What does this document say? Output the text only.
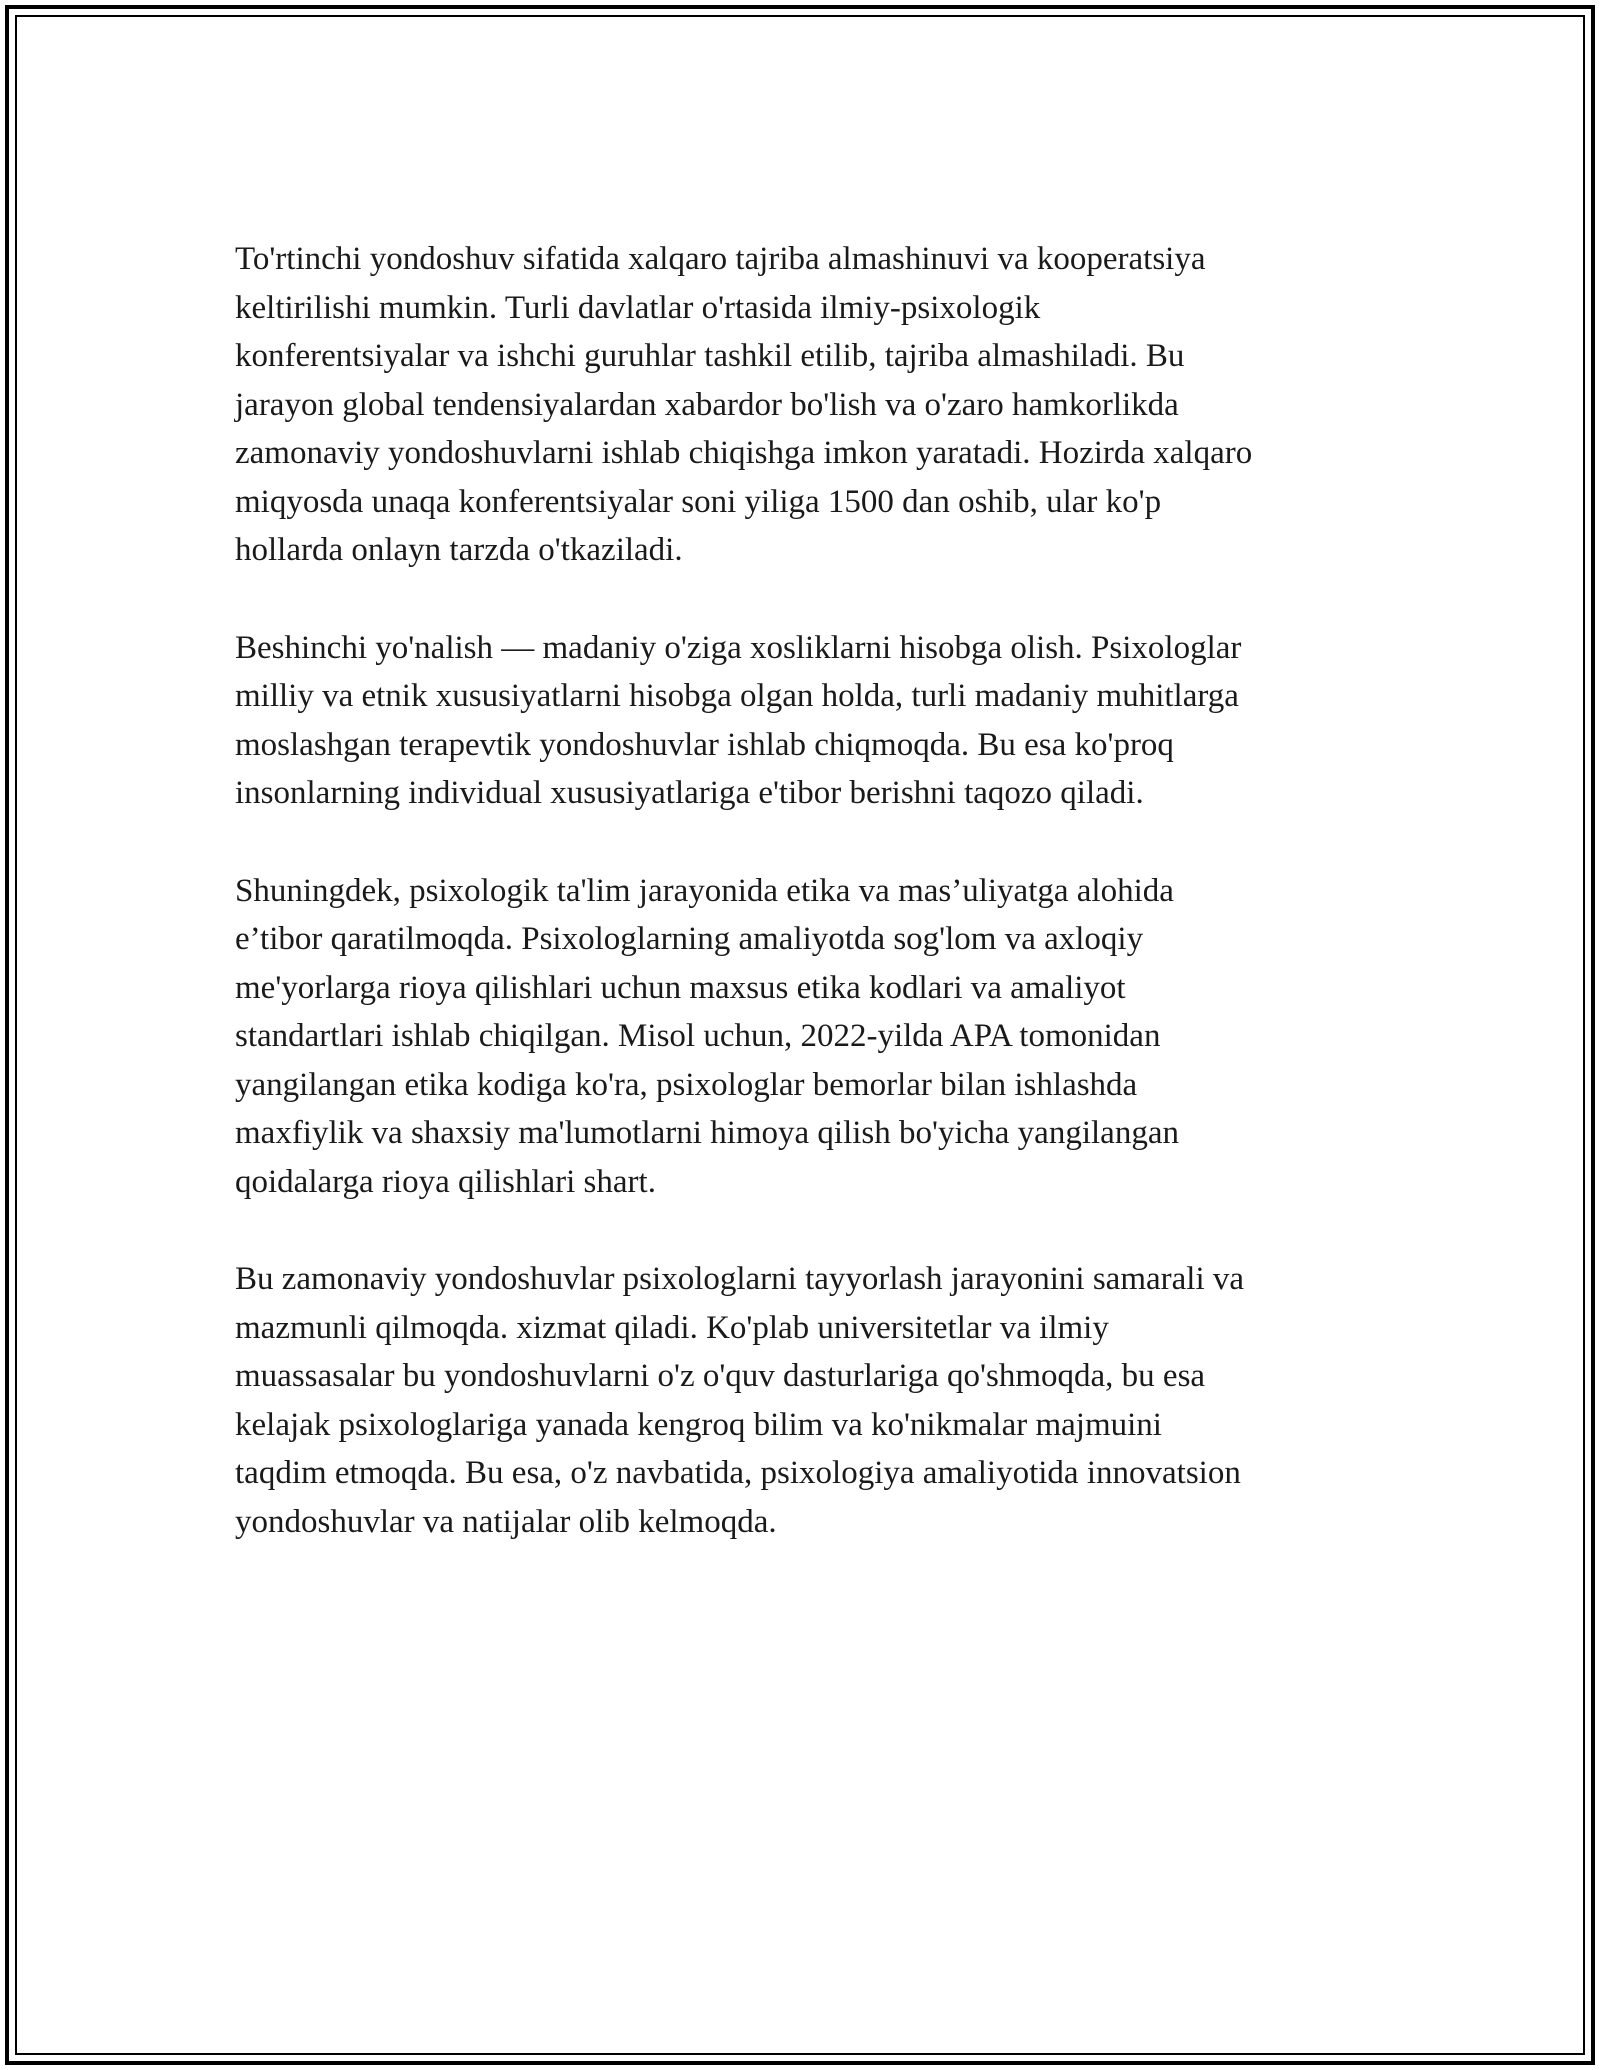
To'rtinchi yondoshuv sifatida xalqaro tajriba almashinuvi va kooperatsiya
keltirilishi mumkin. Turli davlatlar o'rtasida ilmiy-psixologik
konferentsiyalar va ishchi guruhlar tashkil etilib, tajriba almashiladi. Bu
jarayon global tendensiyalardan xabardor bo'lish va o'zaro hamkorlikda
zamonaviy yondoshuvlarni ishlab chiqishga imkon yaratadi. Hozirda xalqaro
miqyosda unaqa konferentsiyalar soni yiliga 1500 dan oshib, ular ko'p
hollarda onlayn tarzda o'tkaziladi.

Beshinchi yo'nalish — madaniy o'ziga xosliklarni hisobga olish. Psixologlar
milliy va etnik xususiyatlarni hisobga olgan holda, turli madaniy muhitlarga
moslashgan terapevtik yondoshuvlar ishlab chiqmoqda. Bu esa ko'proq
insonlarning individual xususiyatlariga e'tibor berishni taqozo qiladi.

Shuningdek, psixologik ta'lim jarayonida etika va mas’uliyatga alohida
e’tibor qaratilmoqda. Psixologlarning amaliyotda sog'lom va axloqiy
me'yorlarga rioya qilishlari uchun maxsus etika kodlari va amaliyot
standartlari ishlab chiqilgan. Misol uchun, 2022-yilda APA tomonidan
yangilangan etika kodiga ko'ra, psixologlar bemorlar bilan ishlashda
maxfiylik va shaxsiy ma'lumotlarni himoya qilish bo'yicha yangilangan
qoidalarga rioya qilishlari shart.

Bu zamonaviy yondoshuvlar psixologlarni tayyorlash jarayonini samarali va
mazmunli qilmoqda. xizmat qiladi. Ko'plab universitetlar va ilmiy
muassasalar bu yondoshuvlarni o'z o'quv dasturlariga qo'shmoqda, bu esa
kelajak psixologlariga yanada kengroq bilim va ko'nikmalar majmuini
taqdim etmoqda. Bu esa, o'z navbatida, psixologiya amaliyotida innovatsion
yondoshuvlar va natijalar olib kelmoqda.
